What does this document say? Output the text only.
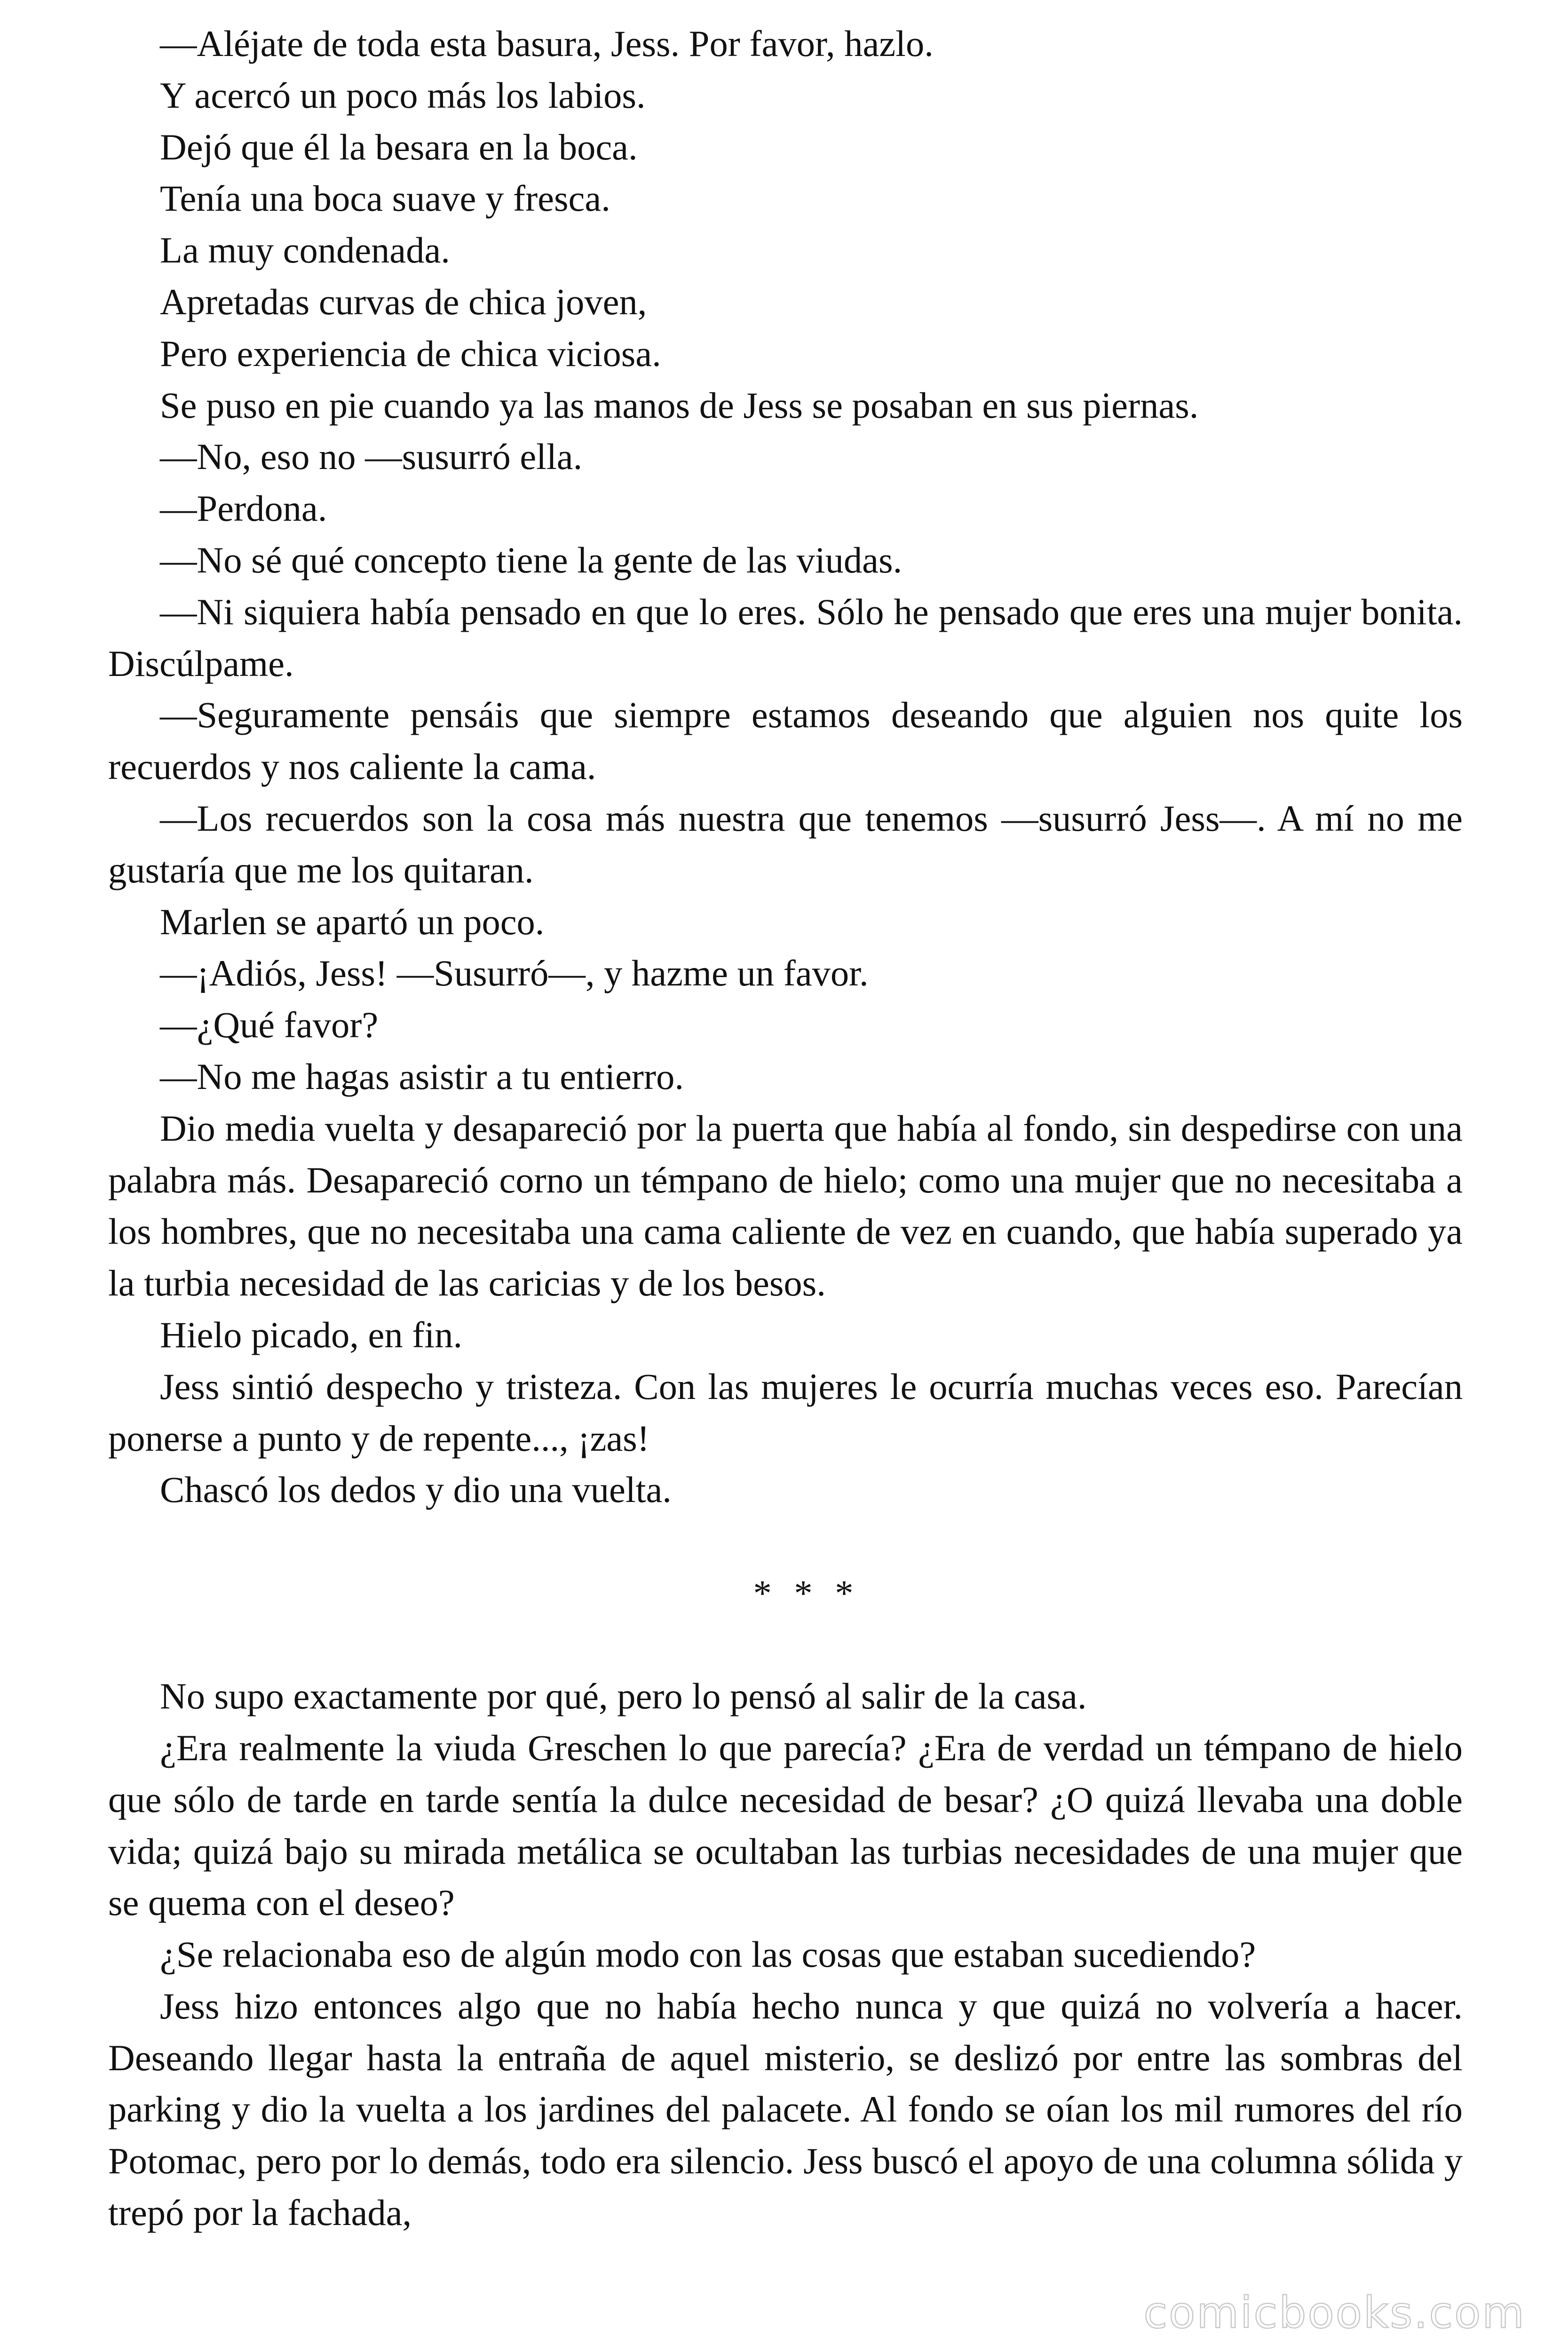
—Aléjate de toda esta basura, Jess. Por favor, hazlo.

Y acercó un poco más los labios.

Dejó que él la besara en la boca.

Tenía una boca suave y fresca.

La muy condenada.

Apretadas curvas de chica joven,

Pero experiencia de chica viciosa.

Se puso en pie cuando ya las manos de Jess se posaban en sus piernas.

—No, eso no —susurró ella.

—Perdona.

—No sé qué concepto tiene la gente de las viudas.

—Ni siquiera había pensado en que lo eres. Sólo he pensado que eres una mujer bonita. Discúlpame.

—Seguramente pensáis que siempre estamos deseando que alguien nos quite los recuerdos y nos caliente la cama.

—Los recuerdos son la cosa más nuestra que tenemos —susurró Jess—. A mí no me gustaría que me los quitaran.

Marlen se apartó un poco.

—¡Adiós, Jess! —Susurró—, y hazme un favor.

—¿Qué favor?

—No me hagas asistir a tu entierro.

Dio media vuelta y desapareció por la puerta que había al fondo, sin despedirse con una palabra más. Desapareció corno un témpano de hielo; como una mujer que no necesitaba a los hombres, que no necesitaba una cama caliente de vez en cuando, que había superado ya la turbia necesidad de las caricias y de los besos.

Hielo picado, en fin.

Jess sintió despecho y tristeza. Con las mujeres le ocurría muchas veces eso. Parecían ponerse a punto y de repente..., ¡zas!

Chascó los dedos y dio una vuelta.

* * *

No supo exactamente por qué, pero lo pensó al salir de la casa.

¿Era realmente la viuda Greschen lo que parecía? ¿Era de verdad un témpano de hielo que sólo de tarde en tarde sentía la dulce necesidad de besar? ¿O quizá llevaba una doble vida; quizá bajo su mirada metálica se ocultaban las turbias necesidades de una mujer que se quema con el deseo?

¿Se relacionaba eso de algún modo con las cosas que estaban sucediendo?

Jess hizo entonces algo que no había hecho nunca y que quizá no volvería a hacer. Deseando llegar hasta la entraña de aquel misterio, se deslizó por entre las sombras del parking y dio la vuelta a los jardines del palacete. Al fondo se oían los mil rumores del río Potomac, pero por lo demás, todo era silencio. Jess buscó el apoyo de una columna sólida y trepó por la fachada,

comicbooks.com
